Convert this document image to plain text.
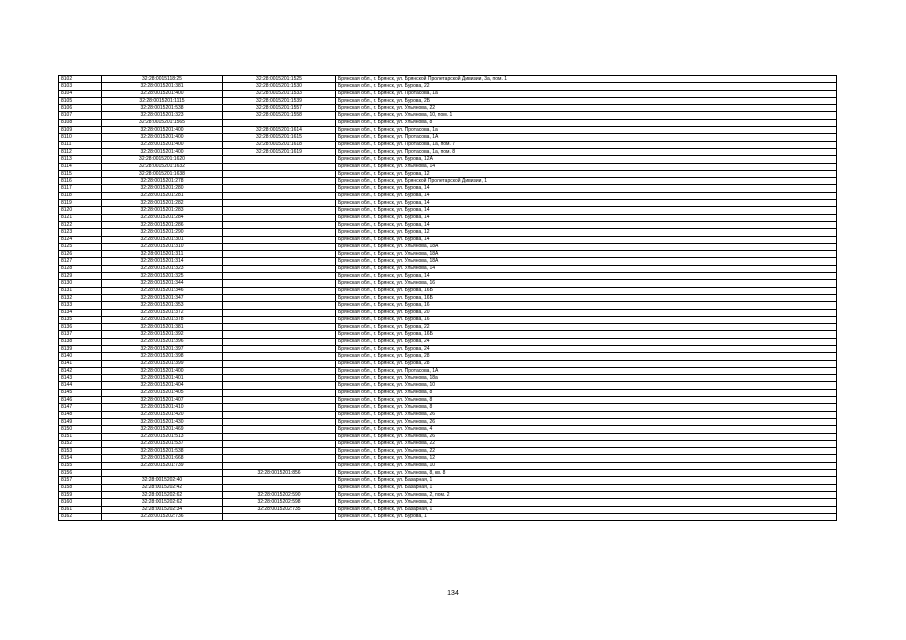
8102	32:28:0015118:25	32:28:0015201:1525	Брянская обл., г. Брянск, ул. Брянской Пролетарской Дивизии, 3а, пом. 1
8103	32:28:0015201:381	32:28:0015201:1530	Брянская обл., г. Брянск, ул. Бурова, 22
8104	32:28:0015201:400	32:28:0015201:1533	Брянская обл., г. Брянск, ул. Протасова, 1а
8105	32:28:0015201:1115	32:28:0015201:1539	Брянская обл., г. Брянск, ул. Бурова, 2Б
8106	32:28:0015201:538	32:28:0015201:1557	Брянская обл., г. Брянск, ул. Ульянова, 22
8107	32:28:0015201:323	32:28:0015201:1558	Брянская обл., г. Брянск, ул. Ульянова, 10, пом. 1
8108	32:28:0015201:1565		Брянская обл., г. Брянск, ул. Ульянова, 8
8109	32:28:0015201:400	32:28:0015201:1614	Брянская обл., г. Брянск, ул. Протасова, 1а
8110	32:28:0015201:400	32:28:0015201:1615	Брянская обл., г. Брянск, ул. Протасова, 1А
8111	32:28:0015201:400	32:28:0015201:1618	Брянская обл., г. Брянск, ул. Протасова, 1а, пом. 7
8112	32:28:0015201:400	32:28:0015201:1619	Брянская обл., г. Брянск, ул. Протасова, 1а, пом. 8
8113	32:28:0015201:1620		Брянская обл., г. Брянск, ул. Бурова, 12А
8114	32:28:0015201:1632		Брянская обл., г. Брянск, ул. Ульянова, 14
8115	32:28:0015201:1638		Брянская обл., г. Брянск, ул. Бурова, 12
8116	32:28:0015201:278		Брянская обл., г. Брянск, ул. Брянской Пролетарской Дивизии, 1
8117	32:28:0015201:280		Брянская обл., г. Брянск, ул. Бурова, 14
8118	32:28:0015201:281		Брянская обл., г. Брянск, ул. Бурова, 14
8119	32:28:0015201:282		Брянская обл., г. Брянск, ул. Бурова, 14
8120	32:28:0015201:283		Брянская обл., г. Брянск, ул. Бурова, 14
8121	32:28:0015201:284		Брянская обл., г. Брянск, ул. Бурова, 14
8122	32:28:0015201:286		Брянская обл., г. Брянск, ул. Бурова, 14
8123	32:28:0015201:290		Брянская обл., г. Брянск, ул. Бурова, 12
8124	32:28:0015201:301		Брянская обл., г. Брянск, ул. Бурова, 14
8125	32:28:0015201:310		Брянская обл., г. Брянск, ул. Ульянова, 18А
8126	32:28:0015201:311		Брянская обл., г. Брянск, ул. Ульянова, 18А
8127	32:28:0015201:314		Брянская обл., г. Брянск, ул. Ульянова, 18А
8128	32:28:0015201:323		Брянская обл., г. Брянск, ул. Ульянова, 14
8129	32:28:0015201:325		Брянская обл., г. Брянск, ул. Бурова, 14
8130	32:28:0015201:344		Брянская обл., г. Брянск, ул. Ульянова, 16
8131	32:28:0015201:346		Брянская обл., г. Брянск, ул. Бурова, 16Б
8132	32:28:0015201:347		Брянская обл., г. Брянск, ул. Бурова, 16Б
8133	32:28:0015201:353		Брянская обл., г. Брянск, ул. Бурова, 16
8134	32:28:0015201:372		Брянская обл., г. Брянск, ул. Бурова, 20
8135	32:28:0015201:378		Брянская обл., г. Брянск, ул. Бурова, 16
8136	32:28:0015201:381		Брянская обл., г. Брянск, ул. Бурова, 22
8137	32:28:0015201:392		Брянская обл., г. Брянск, ул. Бурова, 16Б
8138	32:28:0015201:396		Брянская обл., г. Брянск, ул. Бурова, 24
8139	32:28:0015201:397		Брянская обл., г. Брянск, ул. Бурова, 24
8140	32:28:0015201:398		Брянская обл., г. Брянск, ул. Бурова, 28
8141	32:28:0015201:399		Брянская обл., г. Брянск, ул. Бурова, 28
8142	32:28:0015201:400		Брянская обл., г. Брянск, ул. Протасова, 1А
8143	32:28:0015201:401		Брянская обл., г. Брянск, ул. Ульянова, 18а
8144	32:28:0015201:404		Брянская обл., г. Брянск, ул. Ульянова, 10
8145	32:28:0015201:405		Брянская обл., г. Брянск, ул. Ульянова, 8
8146	32:28:0015201:407		Брянская обл., г. Брянск, ул. Ульянова, 8
8147	32:28:0015201:410		Брянская обл., г. Брянск, ул. Ульянова, 8
8148	32:28:0015201:420		Брянская обл., г. Брянск, ул. Ульянова, 26
8149	32:28:0015201:430		Брянская обл., г. Брянск, ул. Ульянова, 26
8150	32:28:0015201:469		Брянская обл., г. Брянск, ул. Ульянова, 4
8151	32:28:0015201:513		Брянская обл., г. Брянск, ул. Ульянова, 26
8152	32:28:0015201:537		Брянская обл., г. Брянск, ул. Ульянова, 22
8153	32:28:0015201:538		Брянская обл., г. Брянск, ул. Ульянова, 22
8154	32:28:0015201:668		Брянская обл., г. Брянск, ул. Ульянова, 12
8155	32:28:0015201:739		Брянская обл., г. Брянск, ул. Ульянова, 10
8156		32:28:0015201:856	Брянская обл., г. Брянск, ул. Ульянова, 8, кв. 8
8157	32:28:0015202:40		Брянская обл., г. Брянск, ул. Базарная, 1
8158	32:28:0015202:42		Брянская обл., г. Брянск, ул. Базарная, 1
8159	32:28:0015202:62	32:28:0015202:590	Брянская обл., г. Брянск, ул. Ульянова, 2, пом. 2
8160	32:28:0015202:62	32:28:0015202:598	Брянская обл., г. Брянск, ул. Ульянова, 2
8161	32:28:0015202:34	32:28:0015202:735	Брянская обл., г. Брянск, ул. Базарная, 1
8162	32:28:0015202:736		Брянская обл., г. Брянск, ул. Бурова, 1
134
